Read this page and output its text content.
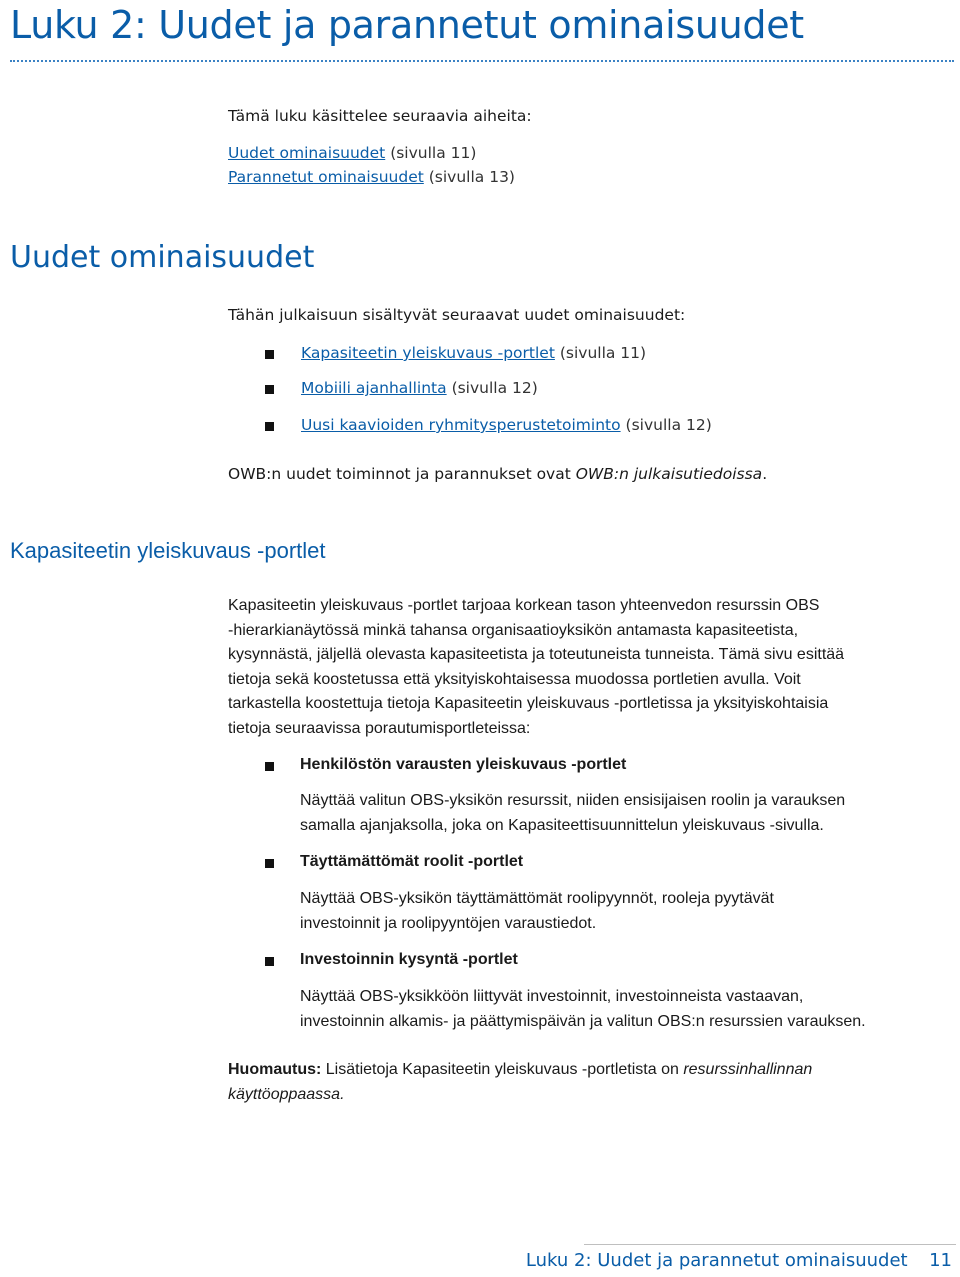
Luku 2: Uudet ja parannetut ominaisuudet
Tämä luku käsittelee seuraavia aiheita:
Uudet ominaisuudet (sivulla 11)
Parannetut ominaisuudet (sivulla 13)
Uudet ominaisuudet
Tähän julkaisuun sisältyvät seuraavat uudet ominaisuudet:
Kapasiteetin yleiskuvaus -portlet (sivulla 11)
Mobiili ajanhallinta (sivulla 12)
Uusi kaavioiden ryhmitysperustetoiminto (sivulla 12)
OWB:n uudet toiminnot ja parannukset ovat OWB:n julkaisutiedoissa.
Kapasiteetin yleiskuvaus -portlet
Kapasiteetin yleiskuvaus -portlet tarjoaa korkean tason yhteenvedon resurssin OBS
-hierarkianäytössä minkä tahansa organisaatioyksikön antamasta kapasiteetista,
kysynnästä, jäljellä olevasta kapasiteetista ja toteutuneista tunneista. Tämä sivu esittää
tietoja sekä koostetussa että yksityiskohtaisessa muodossa portletien avulla. Voit
tarkastella koostettuja tietoja Kapasiteetin yleiskuvaus -portletissa ja yksityiskohtaisia
tietoja seuraavissa porautumisportleteissa:
Henkilöstön varausten yleiskuvaus -portlet
Näyttää valitun OBS-yksikön resurssit, niiden ensisijaisen roolin ja varauksen
samalla ajanjaksolla, joka on Kapasiteettisuunnittelun yleiskuvaus -sivulla.
Täyttämättömät roolit -portlet
Näyttää OBS-yksikön täyttämättömät roolipyynnöt, rooleja pyytävät
investoinnit ja roolipyyntöjen varaustiedot.
Investoinnin kysyntä -portlet
Näyttää OBS-yksikköön liittyvät investoinnit, investoinneista vastaavan,
investoinnin alkamis- ja päättymispäivän ja valitun OBS:n resurssien varauksen.
Huomautus: Lisätietoja Kapasiteetin yleiskuvaus -portletista on resurssinhallinnan
käyttöoppaassa.
Luku 2: Uudet ja parannetut ominaisuudet 11
